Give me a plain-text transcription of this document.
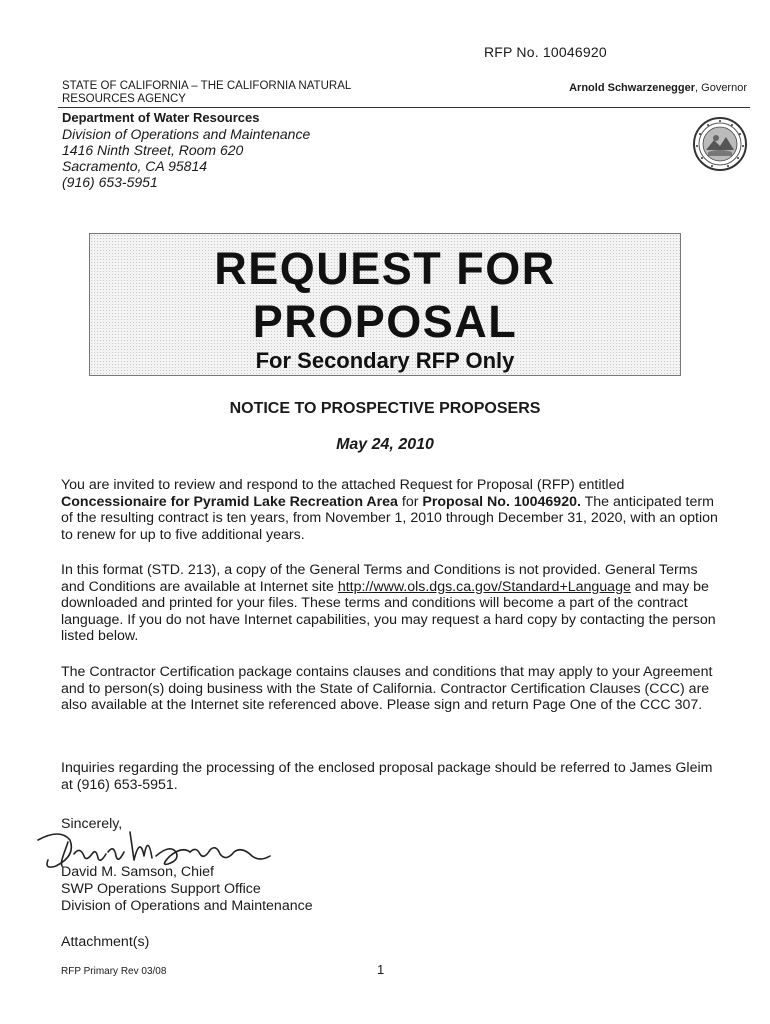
RFP No. 10046920
STATE OF CALIFORNIA – THE CALIFORNIA NATURAL RESOURCES AGENCY
Arnold Schwarzenegger, Governor
Department of Water Resources
Division of Operations and Maintenance
1416 Ninth Street, Room 620
Sacramento, CA 95814
(916) 653-5951
REQUEST FOR
PROPOSAL
For Secondary RFP Only
NOTICE TO PROSPECTIVE PROPOSERS
May 24, 2010
You are invited to review and respond to the attached Request for Proposal (RFP) entitled Concessionaire for Pyramid Lake Recreation Area for Proposal No. 10046920. The anticipated term of the resulting contract is ten years, from November 1, 2010 through December 31, 2020, with an option to renew for up to five additional years.
In this format (STD. 213), a copy of the General Terms and Conditions is not provided. General Terms and Conditions are available at Internet site http://www.ols.dgs.ca.gov/Standard+Language and may be downloaded and printed for your files. These terms and conditions will become a part of the contract language. If you do not have Internet capabilities, you may request a hard copy by contacting the person listed below.
The Contractor Certification package contains clauses and conditions that may apply to your Agreement and to person(s) doing business with the State of California. Contractor Certification Clauses (CCC) are also available at the Internet site referenced above. Please sign and return Page One of the CCC 307.
Inquiries regarding the processing of the enclosed proposal package should be referred to James Gleim at (916) 653-5951.
Sincerely,
David M. Samson, Chief
SWP Operations Support Office
Division of Operations and Maintenance
Attachment(s)
RFP Primary Rev 03/08	1
